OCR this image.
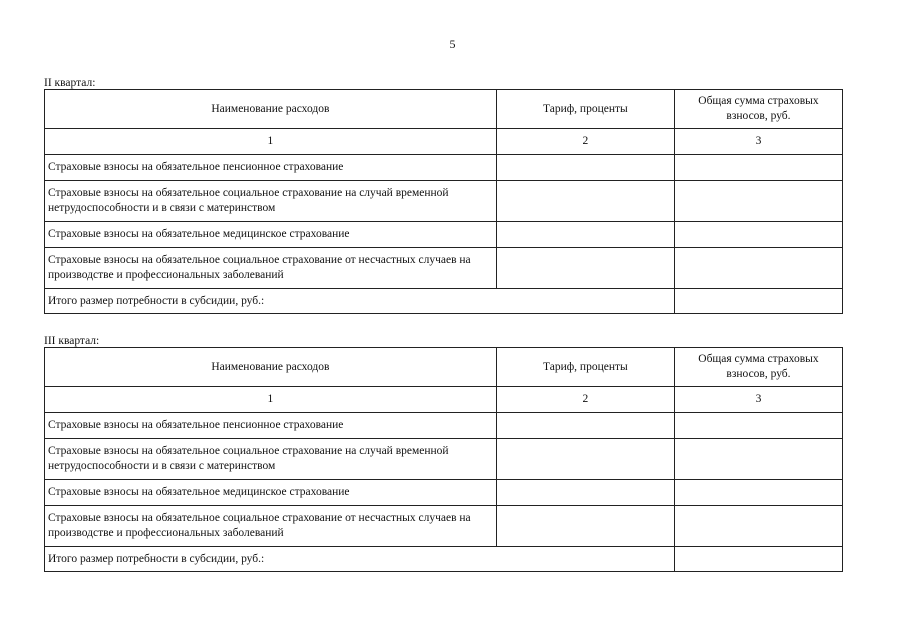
5
II квартал:
Наименование расходов	Тариф, проценты	Общая сумма страховых взносов, руб.
1	2	3
Страховые взносы на обязательное пенсионное страхование		
Страховые взносы на обязательное социальное страхование на случай временной нетрудоспособности и в связи с материнством		
Страховые взносы на обязательное медицинское страхование		
Страховые взносы на обязательное социальное страхование от несчастных случаев на производстве и профессиональных заболеваний		
Итого размер потребности в субсидии, руб.:		
III квартал:
Наименование расходов	Тариф, проценты	Общая сумма страховых взносов, руб.
1	2	3
Страховые взносы на обязательное пенсионное страхование		
Страховые взносы на обязательное социальное страхование на случай временной нетрудоспособности и в связи с материнством		
Страховые взносы на обязательное медицинское страхование		
Страховые взносы на обязательное социальное страхование от несчастных случаев на производстве и профессиональных заболеваний		
Итого размер потребности в субсидии, руб.:		
